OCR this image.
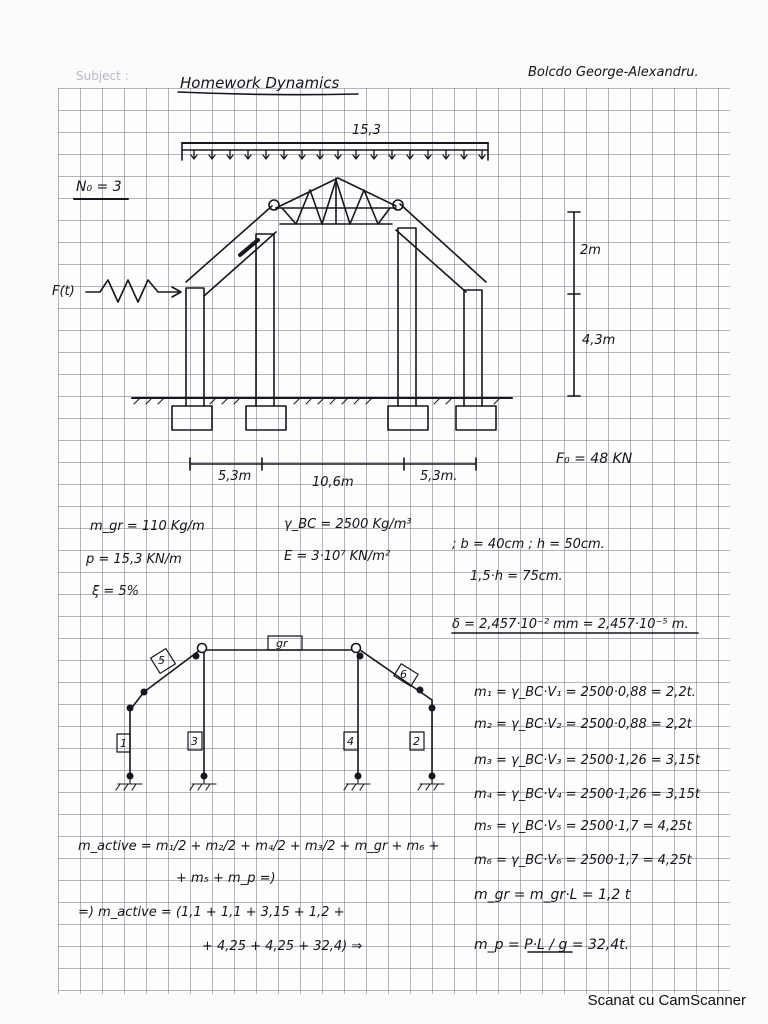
Subject :	Homework Dynamics
Bolcdo George-Alexandru.
15,3
N₀ = 3
F(t)
2m
4,3m
5,3m	10,6m	5,3m.
F₀ = 48 KN
m_gr = 110 Kg/m
p = 15,3 KN/m
ξ = 5%
γ_BC = 2500 Kg/m³
E = 3·10⁷ KN/m²
; b = 40cm ; h = 50cm.
1,5·h = 75cm.
δ = 2,457·10⁻² mm = 2,457·10⁻⁵ m.
1	2
3	4
5
6
gr
m₁ = γ_BC·V₁ = 2500·0,88 = 2,2t.
m₂ = γ_BC·V₂ = 2500·0,88 = 2,2t
m₃ = γ_BC·V₃ = 2500·1,26 = 3,15t
m₄ = γ_BC·V₄ = 2500·1,26 = 3,15t
m₅ = γ_BC·V₅ = 2500·1,7 = 4,25t
m₆ = γ_BC·V₆ = 2500·1,7 = 4,25t
m_gr = m_gr·L = 1,2 t
m_p = P·L / g = 32,4t.
m_active = m₁/2 + m₂/2 + m₄/2 + m₃/2 + m_gr + m₆ +
+ m₅ + m_p =)
=) m_active = (1,1 + 1,1 + 3,15 + 1,2 +
+ 4,25 + 4,25 + 32,4) ⇒
Scanat cu CamScanner
